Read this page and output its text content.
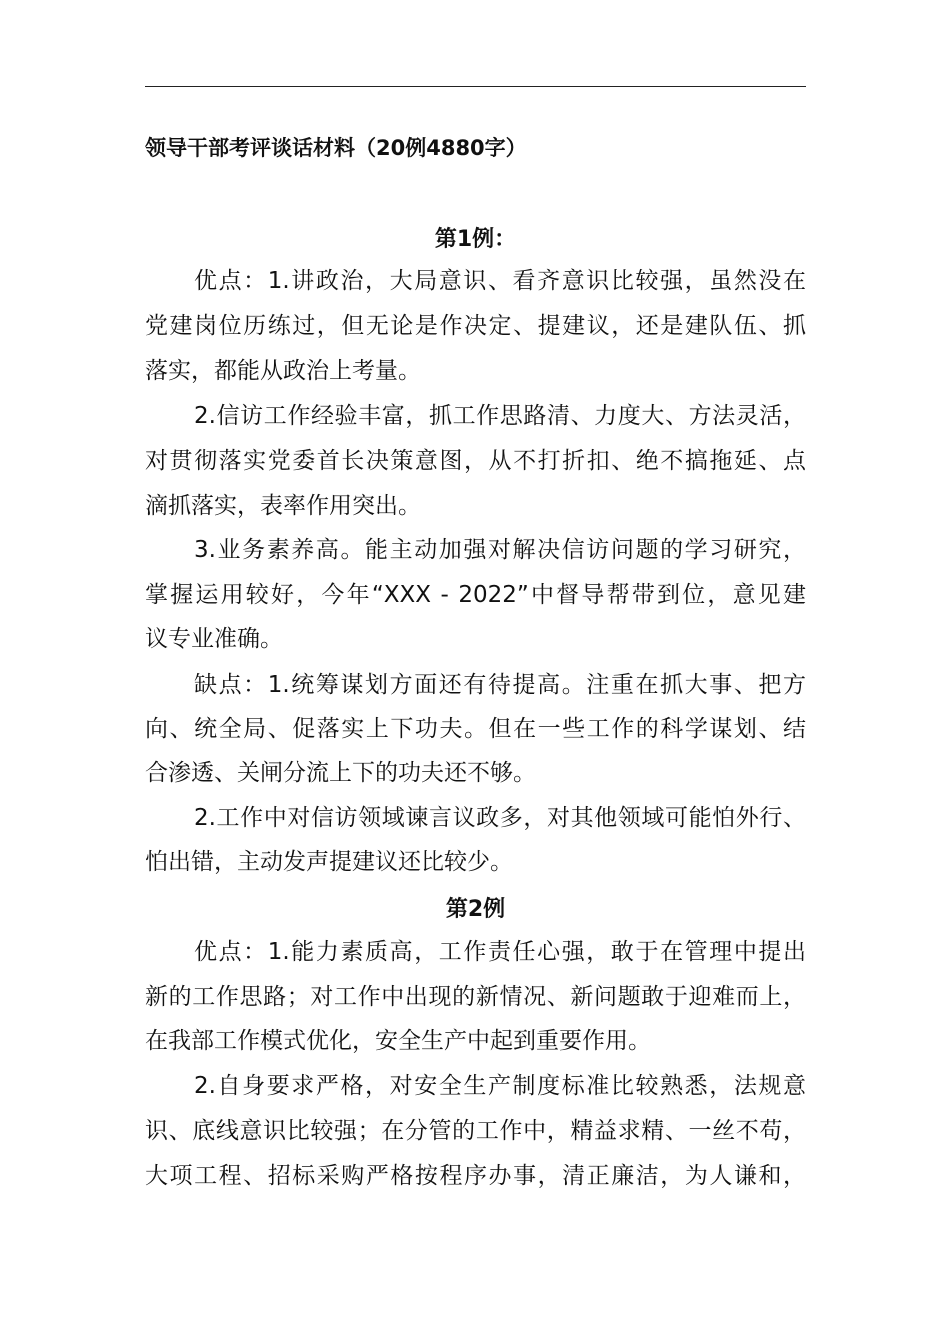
领导干部考评谈话材料（20例4880字）
第1例：
优点：1.讲政治，大局意识、看齐意识比较强，虽然没在
党建岗位历练过，但无论是作决定、提建议，还是建队伍、抓
落实，都能从政治上考量。
2.信访工作经验丰富，抓工作思路清、力度大、方法灵活，
对贯彻落实党委首长决策意图，从不打折扣、绝不搞拖延、点
滴抓落实，表率作用突出。
3.业务素养高。能主动加强对解决信访问题的学习研究，
掌握运用较好，今年“XXX - 2022”中督导帮带到位，意见建
议专业准确。
缺点：1.统筹谋划方面还有待提高。注重在抓大事、把方
向、统全局、促落实上下功夫。但在一些工作的科学谋划、结
合渗透、关闸分流上下的功夫还不够。
2.工作中对信访领域谏言议政多，对其他领域可能怕外行、
怕出错，主动发声提建议还比较少。
第2例
优点：1.能力素质高，工作责任心强，敢于在管理中提出
新的工作思路；对工作中出现的新情况、新问题敢于迎难而上，
在我部工作模式优化，安全生产中起到重要作用。
2.自身要求严格，对安全生产制度标准比较熟悉，法规意
识、底线意识比较强；在分管的工作中，精益求精、一丝不苟，
大项工程、招标采购严格按程序办事，清正廉洁，为人谦和，
